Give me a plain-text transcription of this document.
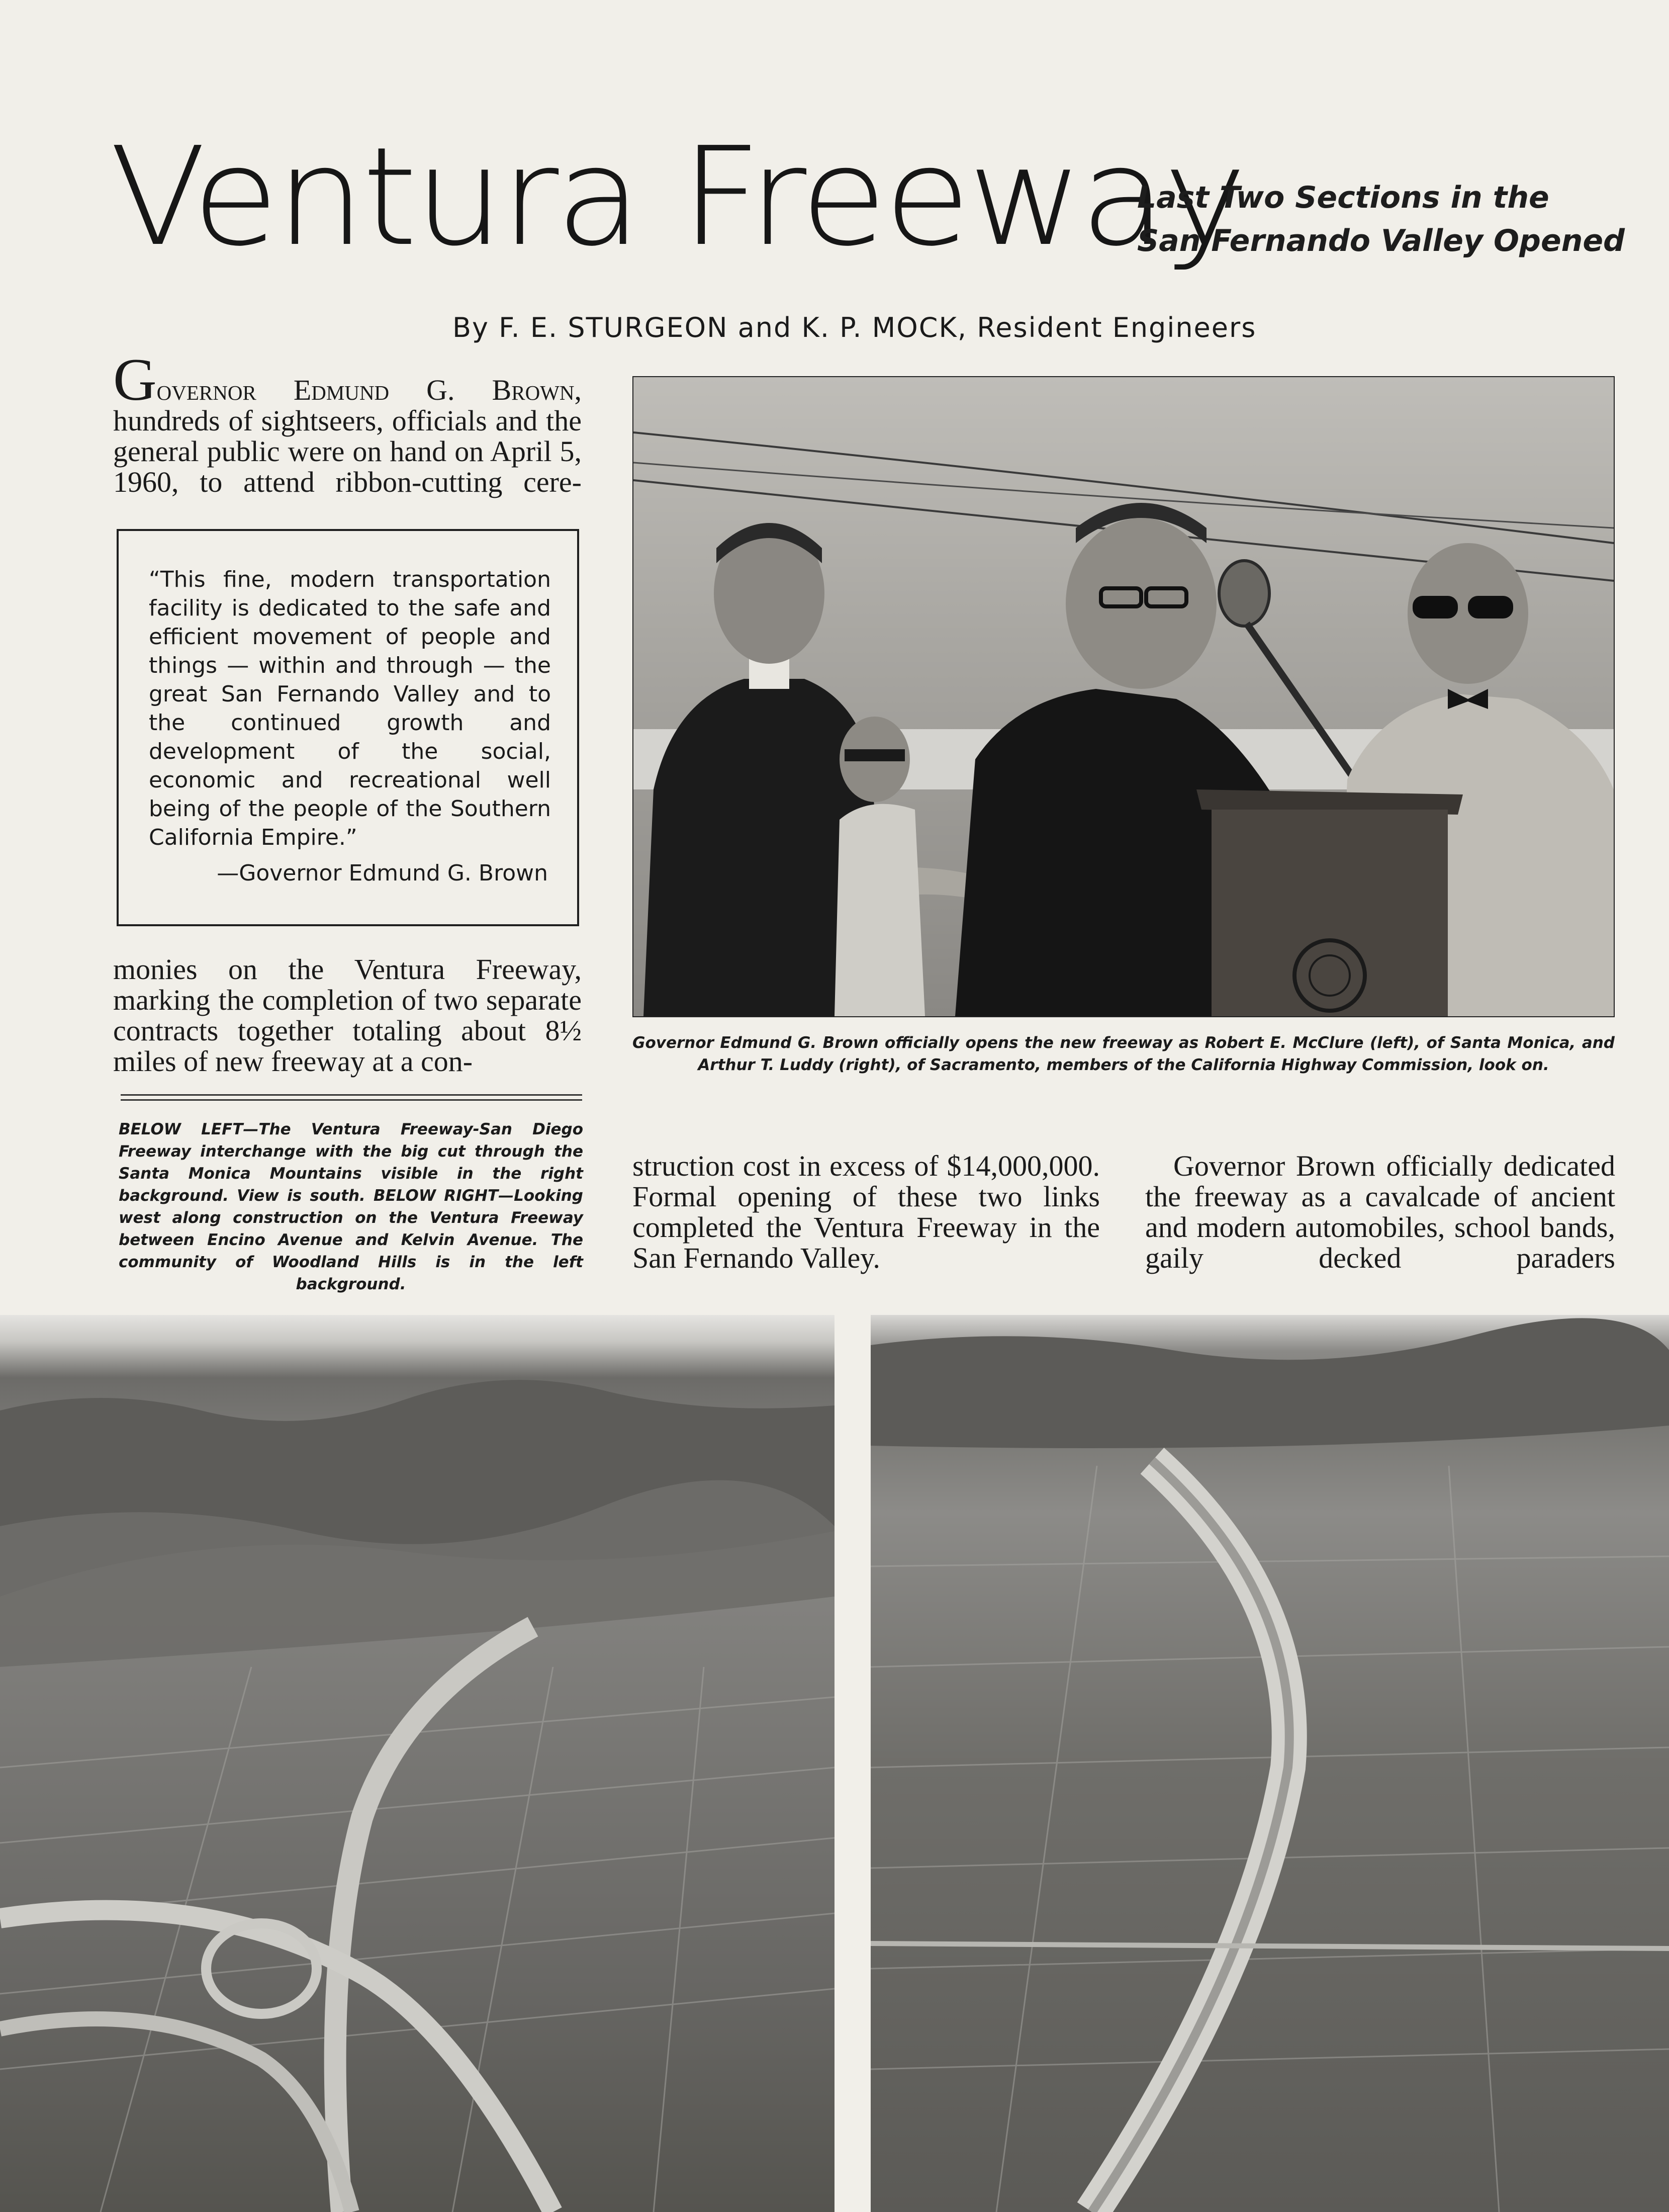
Ventura Freeway
Last Two Sections in the
San Fernando Valley Opened
By F. E. STURGEON and K. P. MOCK, Resident Engineers
Governor Edmund G. Brown, hundreds of sightseers, officials and the general public were on hand on April 5, 1960, to attend ribbon-cutting cere-
“This fine, modern transportation facility is dedicated to the safe and efficient movement of people and things — within and through — the great San Fernando Valley and to the continued growth and development of the social, economic and recreational well being of the people of the Southern California Empire.”
—Governor Edmund G. Brown
monies on the Ventura Freeway, marking the completion of two separate contracts together totaling about 8½ miles of new freeway at a con-
BELOW LEFT—The Ventura Freeway-San Diego Freeway interchange with the big cut through the Santa Monica Mountains visible in the right background. View is south. BELOW RIGHT—Looking west along construction on the Ventura Freeway between Encino Avenue and Kelvin Avenue. The community of Woodland Hills is in the left background.
Governor Edmund G. Brown officially opens the new freeway as Robert E. McClure (left), of Santa Monica, and Arthur T. Luddy (right), of Sacramento, members of the California Highway Commission, look on.
struction cost in excess of $14,000,000. Formal opening of these two links completed the Ventura Freeway in the San Fernando Valley.
Governor Brown officially dedicated the freeway as a cavalcade of ancient and modern automobiles, school bands, gaily decked paraders
